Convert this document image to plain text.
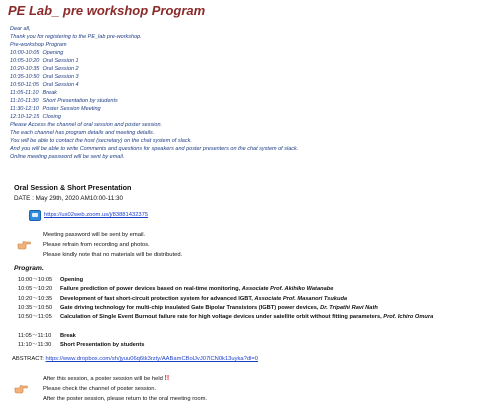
PE Lab_ pre workshop Program
Dear all,
Thank you for registering to the PE_lab pre-workshop.
Pre-workshop Program
10:00-10:05 Opening
10:05-10:20 Oral Session 1
10:20-10:35 Oral Session 2
10:35-10:50 Oral Session 3
10:50-11:05 Oral Session 4
11:05-11:10 Break
11:10-11:30 Short Presentation by students
11:30-12:10 Poster Session Meeting
12:10-12:15 Closing
Please Access the channel of oral session and poster session.
The each channel has program details and meeting details.
You will be able to contact the host (secretary) on the chat system of slack.
And you will be able to write Comments and questions for speakers and poster presenters on the chat system of slack.
Online meeting password will be sent by email.
Oral Session & Short Presentation
DATE : May 29th, 2020 AM10:00-11:30
https://us02web.zoom.us/j/83881432375
Meeting password will be sent by email.
Please refrain from recording and photos.
Please kindly note that no materials will be distributed.
Program.
10:00〜10:05 Opening
10:05〜10:20 Failure prediction of power devices based on real-time monitoring, Associate Prof. Akihiko Watanabe
10:20〜10:35 Development of fast short-circuit protection system for advanced IGBT, Associate Prof. Masanori Tsukuda
10:35〜10:50 Gate driving technology for multi-chip insulated Gate Bipolar Transistors (IGBT) power devices, Dr. Tripathi Ravi Nath
10:50〜11:05 Calculation of Single Event Burnout failure rate for high voltage devices under satellite orbit without fitting parameters, Prof. Ichiro Omura
11:05〜11:10 Break
11:10〜11:30 Short Presentation by students
ABSTRACT: https://www.dropbox.com/sh/jyuu06q6tk3rzty/AABamCBolJvJ07lCN0k13uyka?dl=0
After this session, a poster session will be held !!
Please check the channel of poster session.
After the poster session, please return to the oral meeting room.
